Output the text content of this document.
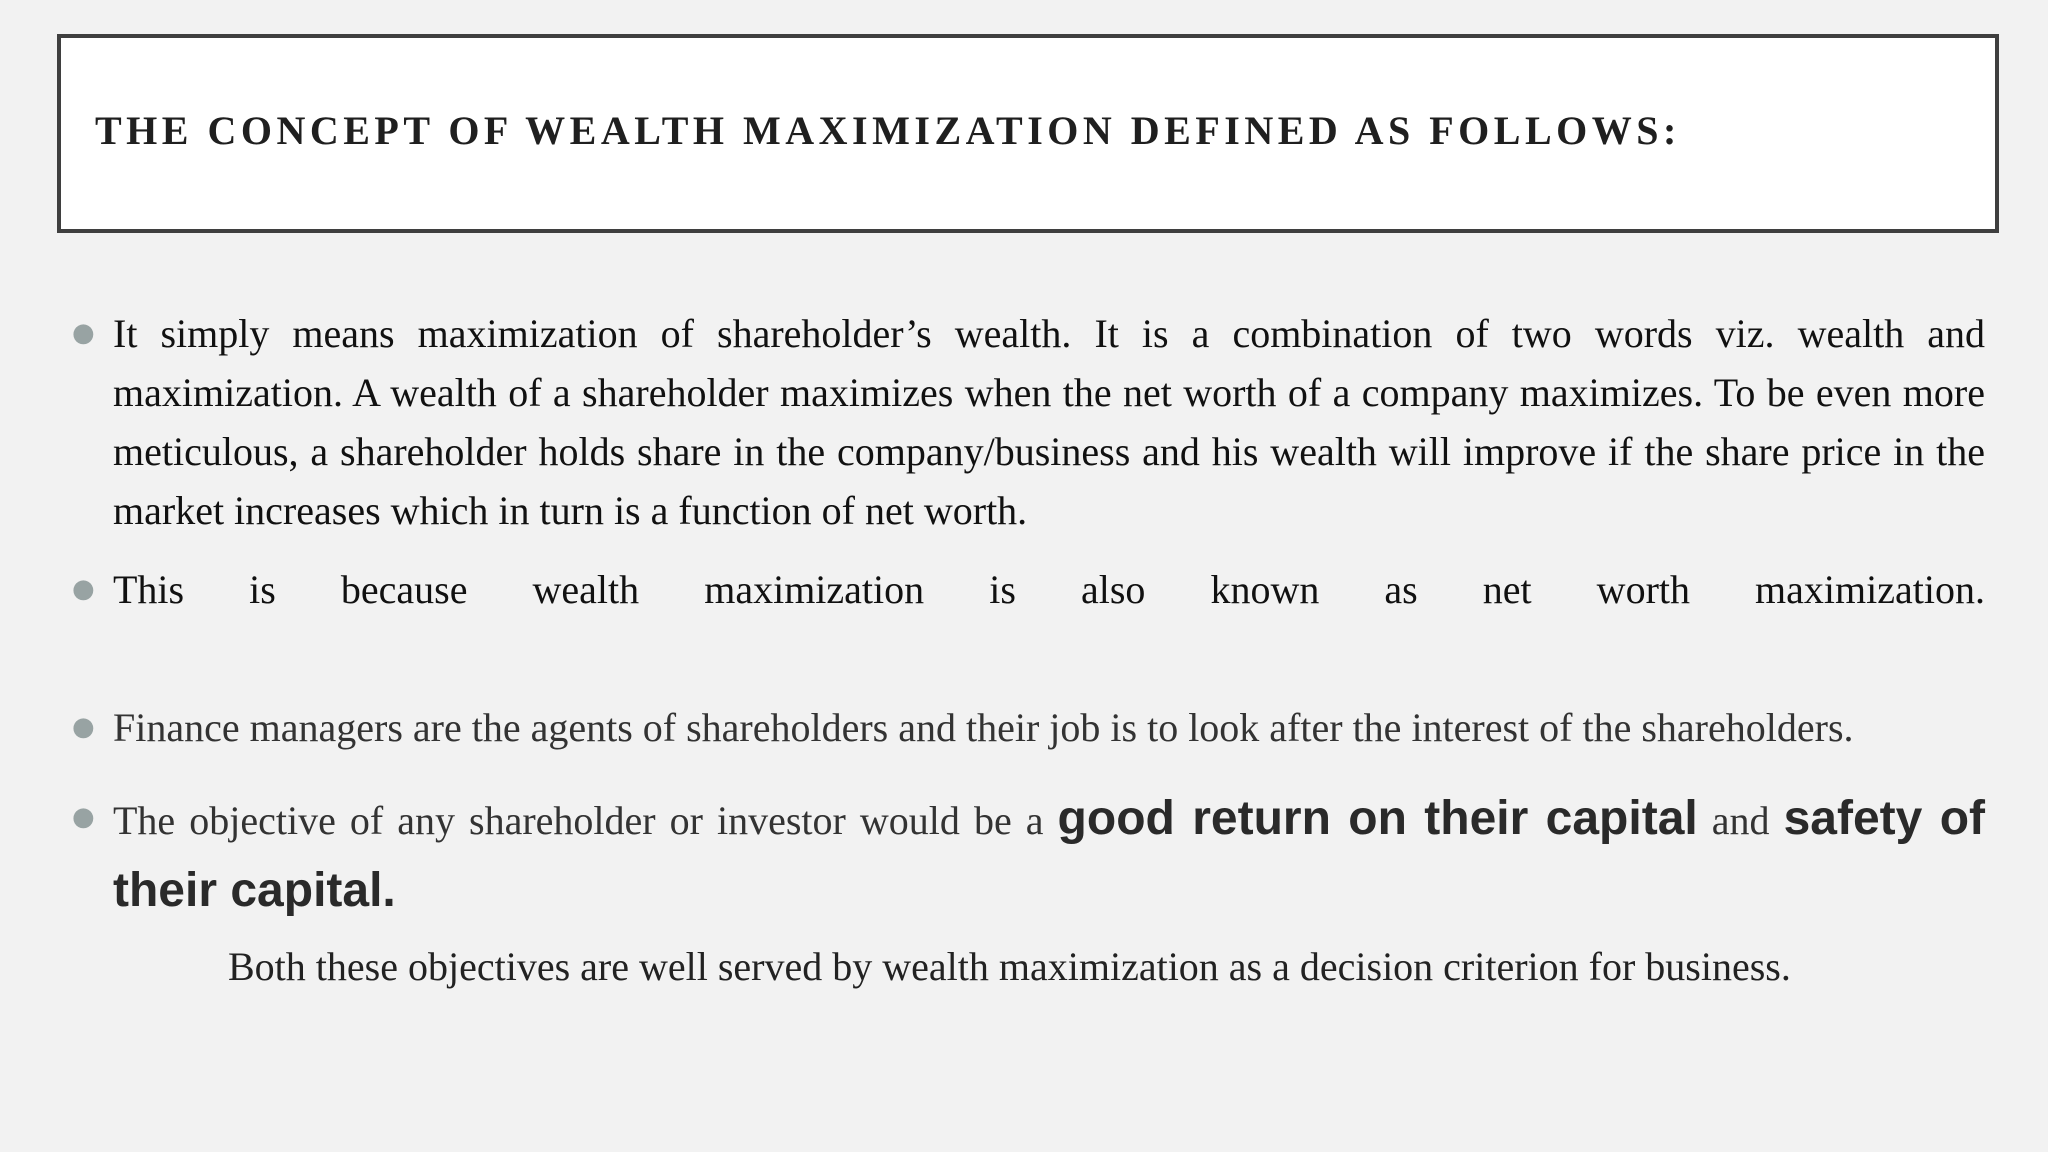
THE CONCEPT OF WEALTH MAXIMIZATION DEFINED AS FOLLOWS:
● It simply means maximization of shareholder’s wealth. It is a combination of two words viz. wealth and maximization. A wealth of a shareholder maximizes when the net worth of a company maximizes. To be even more meticulous, a shareholder holds share in the company/business and his wealth will improve if the share price in the market increases which in turn is a function of net worth.
● This is because wealth maximization is also known as net worth maximization.
● Finance managers are the agents of shareholders and their job is to look after the interest of the shareholders.
● The objective of any shareholder or investor would be a good return on their capital and safety of their capital.
Both these objectives are well served by wealth maximization as a decision criterion for business.
